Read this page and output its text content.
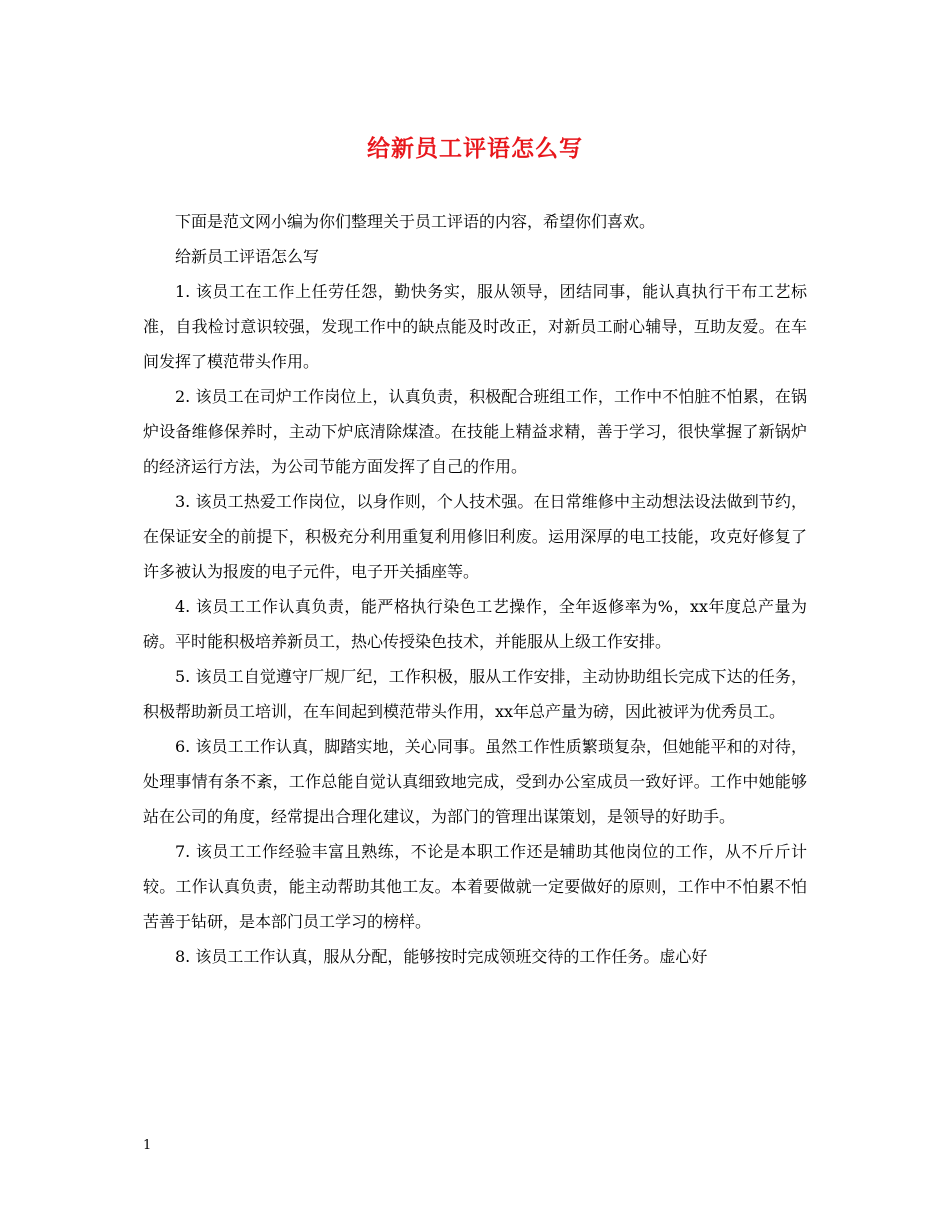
给新员工评语怎么写

下面是范文网小编为你们整理关于员工评语的内容，希望你们喜欢。

给新员工评语怎么写

1. 该员工在工作上任劳任怨，勤快务实，服从领导，团结同事，能认真执行干布工艺标准，自我检讨意识较强，发现工作中的缺点能及时改正，对新员工耐心辅导，互助友爱。在车间发挥了模范带头作用。

2. 该员工在司炉工作岗位上，认真负责，积极配合班组工作，工作中不怕脏不怕累，在锅炉设备维修保养时，主动下炉底清除煤渣。在技能上精益求精，善于学习，很快掌握了新锅炉的经济运行方法，为公司节能方面发挥了自己的作用。

3. 该员工热爱工作岗位，以身作则，个人技术强。在日常维修中主动想法设法做到节约，在保证安全的前提下，积极充分利用重复利用修旧利废。运用深厚的电工技能，攻克好修复了许多被认为报废的电子元件，电子开关插座等。

4. 该员工工作认真负责，能严格执行染色工艺操作，全年返修率为%，xx年度总产量为磅。平时能积极培养新员工，热心传授染色技术，并能服从上级工作安排。

5. 该员工自觉遵守厂规厂纪，工作积极，服从工作安排，主动协助组长完成下达的任务，积极帮助新员工培训，在车间起到模范带头作用，xx年总产量为磅，因此被评为优秀员工。

6. 该员工工作认真，脚踏实地，关心同事。虽然工作性质繁琐复杂，但她能平和的对待，处理事情有条不紊，工作总能自觉认真细致地完成，受到办公室成员一致好评。工作中她能够站在公司的角度，经常提出合理化建议，为部门的管理出谋策划，是领导的好助手。

7. 该员工工作经验丰富且熟练，不论是本职工作还是辅助其他岗位的工作，从不斤斤计较。工作认真负责，能主动帮助其他工友。本着要做就一定要做好的原则，工作中不怕累不怕苦善于钻研，是本部门员工学习的榜样。

8. 该员工工作认真，服从分配，能够按时完成领班交待的工作任务。虚心好

1
